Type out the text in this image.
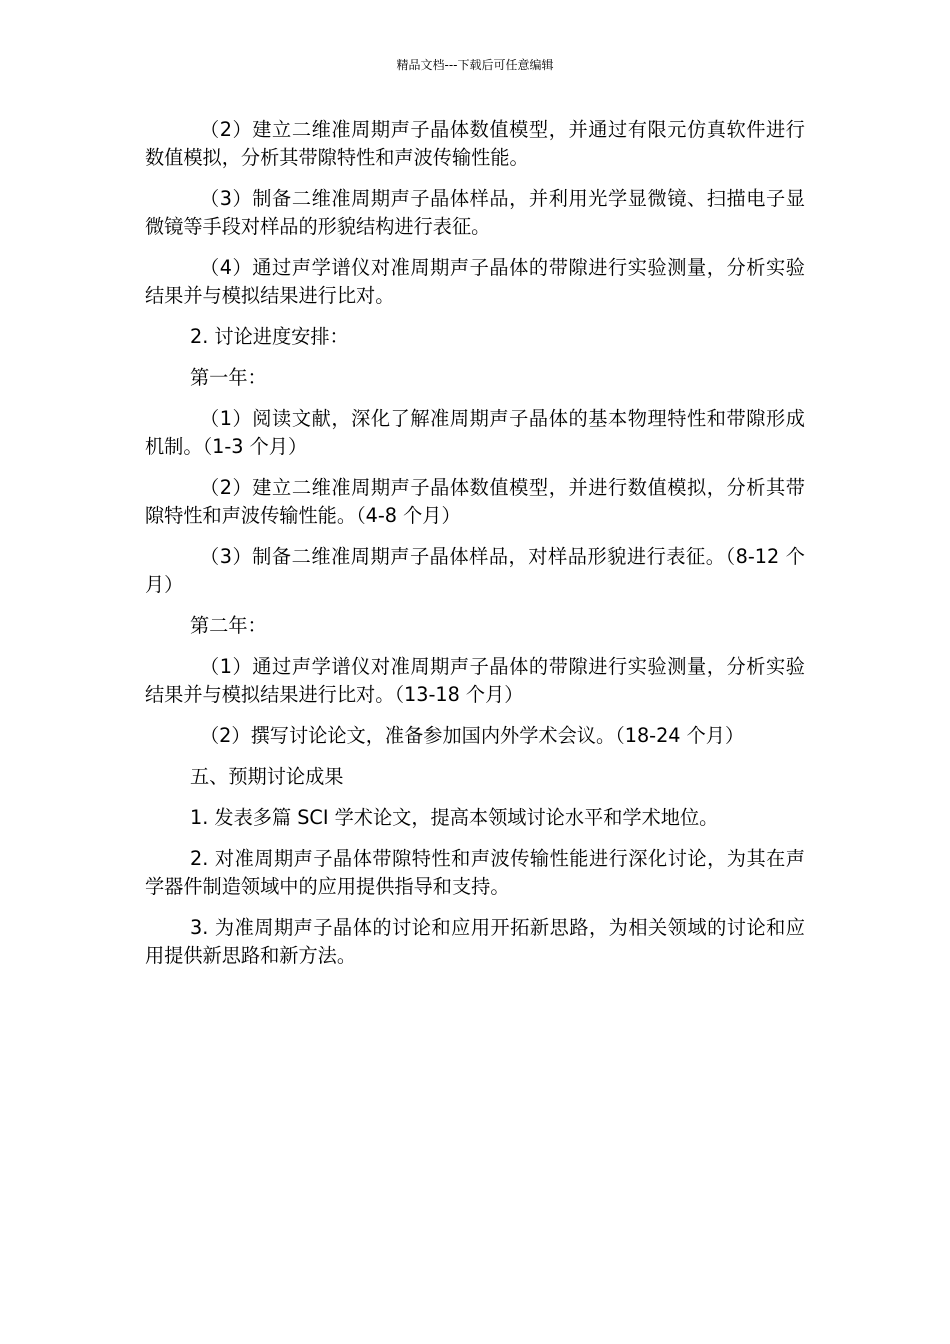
精品文档---下载后可任意编辑

（2）建立二维准周期声子晶体数值模型，并通过有限元仿真软件进行数值模拟，分析其带隙特性和声波传输性能。

（3）制备二维准周期声子晶体样品，并利用光学显微镜、扫描电子显微镜等手段对样品的形貌结构进行表征。

（4）通过声学谱仪对准周期声子晶体的带隙进行实验测量，分析实验结果并与模拟结果进行比对。

2. 讨论进度安排：

第一年：

（1）阅读文献，深化了解准周期声子晶体的基本物理特性和带隙形成机制。（1-3 个月）

（2）建立二维准周期声子晶体数值模型，并进行数值模拟，分析其带隙特性和声波传输性能。（4-8 个月）

（3）制备二维准周期声子晶体样品，对样品形貌进行表征。（8-12 个月）

第二年：

（1）通过声学谱仪对准周期声子晶体的带隙进行实验测量，分析实验结果并与模拟结果进行比对。（13-18 个月）

（2）撰写讨论论文，准备参加国内外学术会议。（18-24 个月）

五、预期讨论成果

1. 发表多篇 SCI 学术论文，提高本领域讨论水平和学术地位。

2. 对准周期声子晶体带隙特性和声波传输性能进行深化讨论，为其在声学器件制造领域中的应用提供指导和支持。

3. 为准周期声子晶体的讨论和应用开拓新思路，为相关领域的讨论和应用提供新思路和新方法。
